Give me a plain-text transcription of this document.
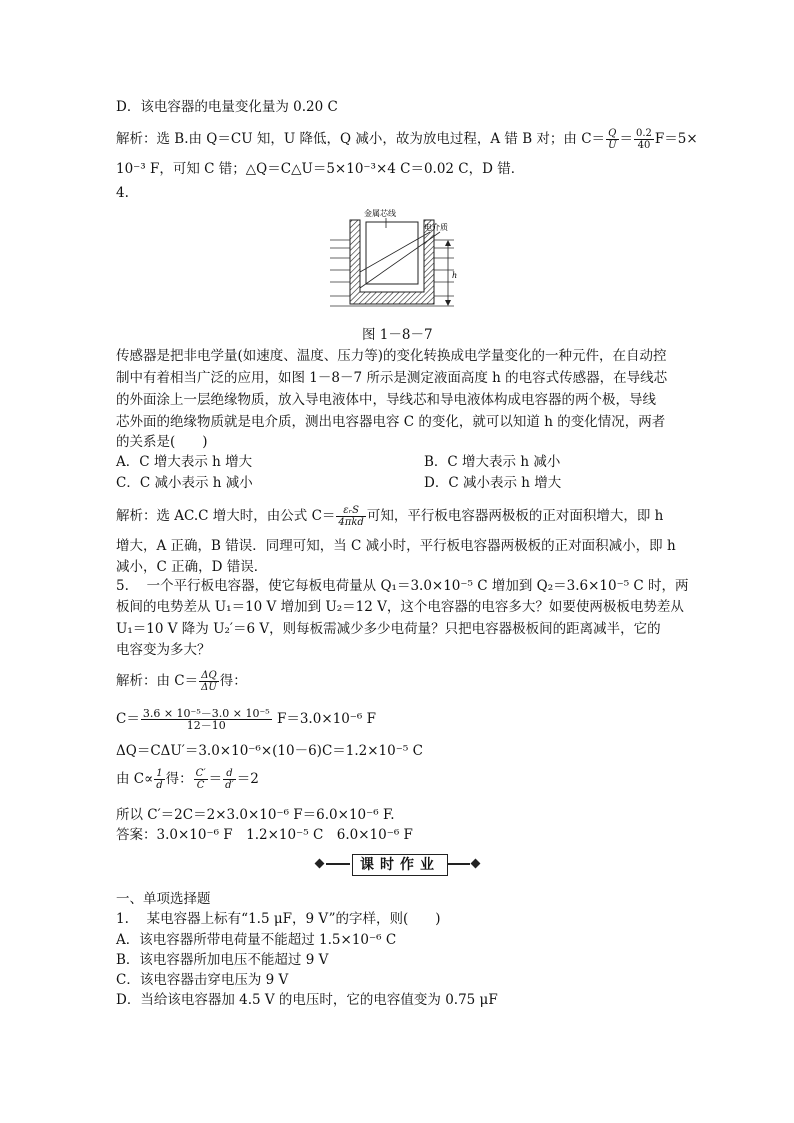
D．该电容器的电量变化量为 0.20 C
解析：选 B.由 Q＝CU 知，U 降低，Q 减小，故为放电过程，A 错 B 对；由 $C= \frac{Q}{U} = \frac{0.2}{40} F=5\times$
10⁻³ F，可知 C 错；△Q＝C△U＝5×10⁻³×4 C＝0.02 C，D 错．
4.
金属芯线
电介质
h
图 1－8－7
传感器是把非电学量(如速度、温度、压力等)的变化转换成电学量变化的一种元件，在自动控
制中有着相当广泛的应用，如图 1－8－7 所示是测定液面高度 h 的电容式传感器，在导线芯
的外面涂上一层绝缘物质，放入导电液体中，导线芯和导电液体构成电容器的两个极，导线
芯外面的绝缘物质就是电介质，测出电容器电容 C 的变化，就可以知道 h 的变化情况，两者
的关系是(　　)
A．C 增大表示 h 增大	B．C 增大表示 h 减小
C．C 减小表示 h 减小	D．C 减小表示 h 增大
解析：选 AC.C 增大时，由公式 $C= \frac{\text{εᵣS}}{\text{4πkd}}$ 可知，平行板电容器两极板的正对面积增大，即 h
增大，A 正确，B 错误．同理可知，当 C 减小时，平行板电容器两极板的正对面积减小，即 h
减小，C 正确，D 错误．
5.　 一个平行板电容器，使它每板电荷量从 Q₁＝3.0×10⁻⁵ C 增加到 Q₂＝3.6×10⁻⁵ C 时，两
板间的电势差从 U₁＝10 V 增加到 U₂＝12 V，这个电容器的电容多大？如要使两极板电势差从
U₁＝10 V 降为 U₂′＝6 V，则每板需减少多少电荷量？只把电容器极板间的距离减半，它的
电容变为多大？
解析：由 $C= \frac{\Delta Q}{\Delta U}$ 得：
$C= \frac{\text{3.6 × 10⁻⁵－3.0 × 10⁻⁵}}{12-10} F=3.0\times 10^{-6}$ F
ΔQ＝CΔU′＝3.0×10⁻⁶×(10－6)C＝1.2×10⁻⁵ C
由 $C\propto \frac{1}{d}$ 得： $\frac{C'}{C} = \frac{d}{d'} =2$
所以 C′＝2C＝2×3.0×10⁻⁶ F＝6.0×10⁻⁶ F.
答案：3.0×10⁻⁶ F　1.2×10⁻⁵ C　6.0×10⁻⁶ F
课时作业
一、单项选择题
1.　 某电容器上标有“1.5 μF，9 V”的字样，则(　　)
A．该电容器所带电荷量不能超过 1.5×10⁻⁶ C
B．该电容器所加电压不能超过 9 V
C．该电容器击穿电压为 9 V
D．当给该电容器加 4.5 V 的电压时，它的电容值变为 0.75 μF
